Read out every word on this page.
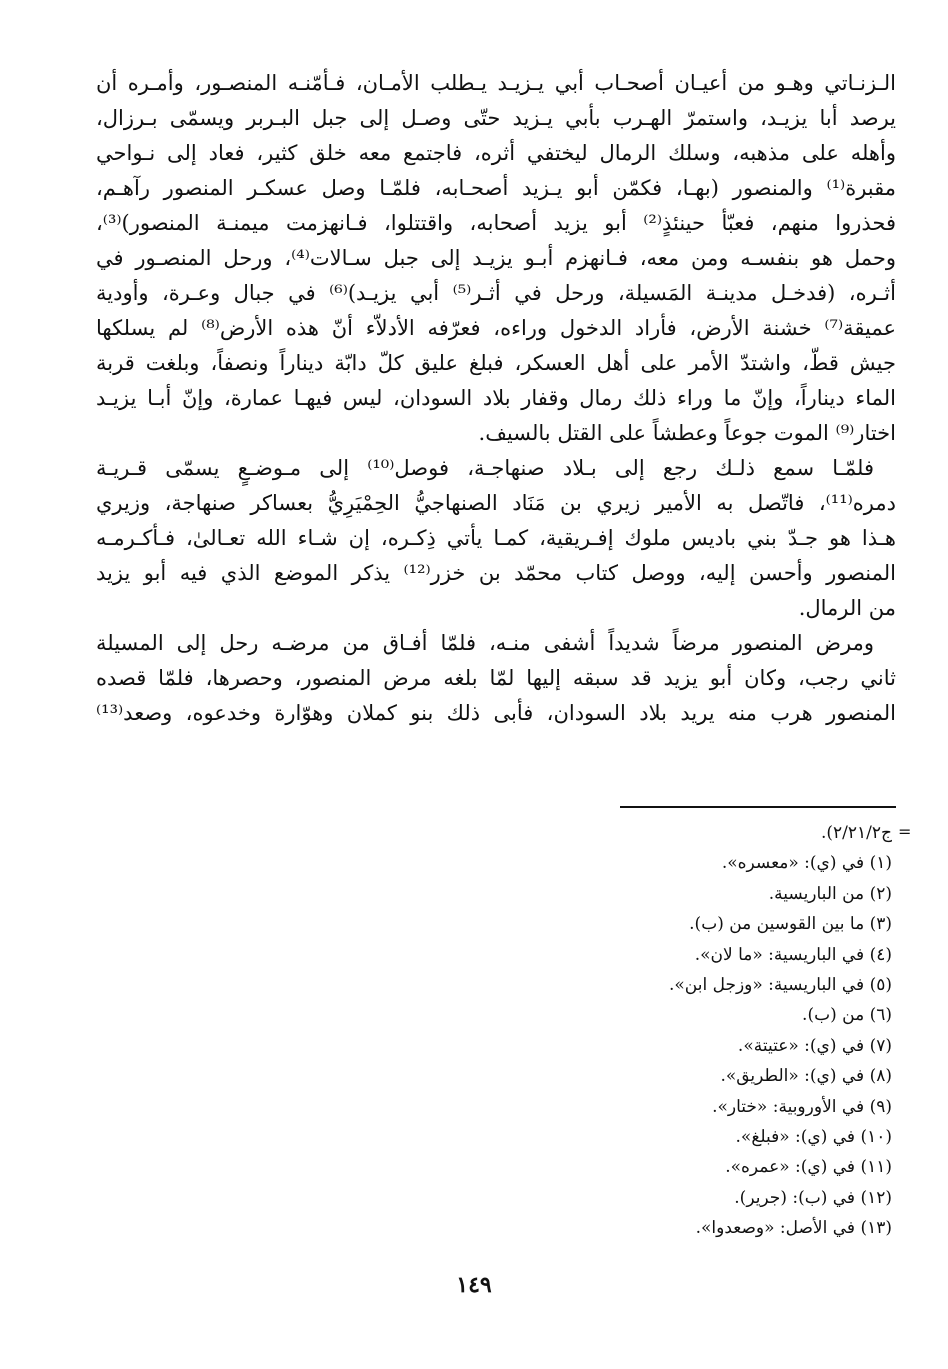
الـزنـاتي وهـو من أعيـان أصحـاب أبي يـزيـد يـطلب الأمـان، فـأمّنـه المنصـور، وأمـره أن
يرصد أبا يزيـد، واستمرّ الهـرب بأبي يـزيد حتّى وصـل إلى جبل البـربر ويسمّى بـرزال،
وأهله على مذهبه، وسلك الرمال ليختفي أثره، فاجتمع معه خلق كثير، فعاد إلى نـواحي
مقبرة⁽¹⁾ والمنصور (بهـا، فكمّن أبو يـزيد أصحـابه، فلمّـا وصل عسكـر المنصور رآهـم،
فحذروا منهم، فعبّأ حينئذٍ⁽²⁾ أبو يزيد أصحابه، واقتتلوا، فـانهزمت ميمنـة المنصور)⁽³⁾،
وحمل هو بنفسـه ومن معه، فـانهزم أبـو يزيـد إلى جبل سـالات⁽⁴⁾، ورحل المنصـور في
أثـره، (فدخـل مدينـة المَسيلة، ورحل في أثـر⁽⁵⁾ أبي يزيـد)⁽⁶⁾ في جبال وعـرة، وأودية
عميقة⁽⁷⁾ خشنة الأرض، فأراد الدخول وراءه، فعرّفه الأدلاّء أنّ هذه الأرض⁽⁸⁾ لم يسلكها
جيش قطّ، واشتدّ الأمر على أهل العسكر، فبلغ عليق كلّ دابّة ديناراً ونصفاً، وبلغت قربة
الماء ديناراً، وإنّ ما وراء ذلك رمال وقفار بلاد السودان، ليس فيهـا عمارة، وإنّ أبـا يزيـد
اختار⁽⁹⁾ الموت جوعاً وعطشاً على القتل بالسيف.
فلمّـا سمع ذلـك رجع إلى بـلاد صنهاجـة، فوصل⁽¹⁰⁾ إلى مـوضـعٍ يسمّى قـريـة
دمره⁽¹¹⁾، فاتّصل به الأمير زيري بن مَنَاد الصنهاجيُّ الحِمْيَرِيُّ بعساكر صنهاجة، وزيري
هـذا هو جـدّ بني باديس ملوك إفـريقية، كمـا يأتي ذِكـره، إن شـاء الله تعـالىٰ، فـأكـرمـه
المنصور وأحسن إليه، ووصل كتاب محمّد بن خزر⁽¹²⁾ يذكر الموضع الذي فيه أبو يزيد
من الرمال.
ومرض المنصور مرضاً شديداً أشفى منـه، فلمّا أفـاق من مرضـه رحل إلى المسيلة
ثاني رجب، وكان أبو يزيد قد سبقه إليها لمّا بلغه مرض المنصور، وحصرها، فلمّا قصده
المنصور هرب منه يريد بلاد السودان، فأبى ذلك بنو كملان وهوّارة وخدعوه، وصعد⁽¹³⁾
=
ج٢/٢١/٢).
(١) في (ي): «معسره».
(٢) من الباريسية.
(٣) ما بين القوسين من (ب).
(٤) في الباريسية: «ما لان».
(٥) في الباريسية: «وزجل ابن».
(٦) من (ب).
(٧) في (ي): «عتيتة».
(٨) في (ي): «الطريق».
(٩) في الأوروبية: «ختار».
(١٠) في (ي): «فبلغ».
(١١) في (ي): «عمره».
(١٢) في (ب): (جرير).
(١٣) في الأصل: «وصعدوا».
١٤٩
